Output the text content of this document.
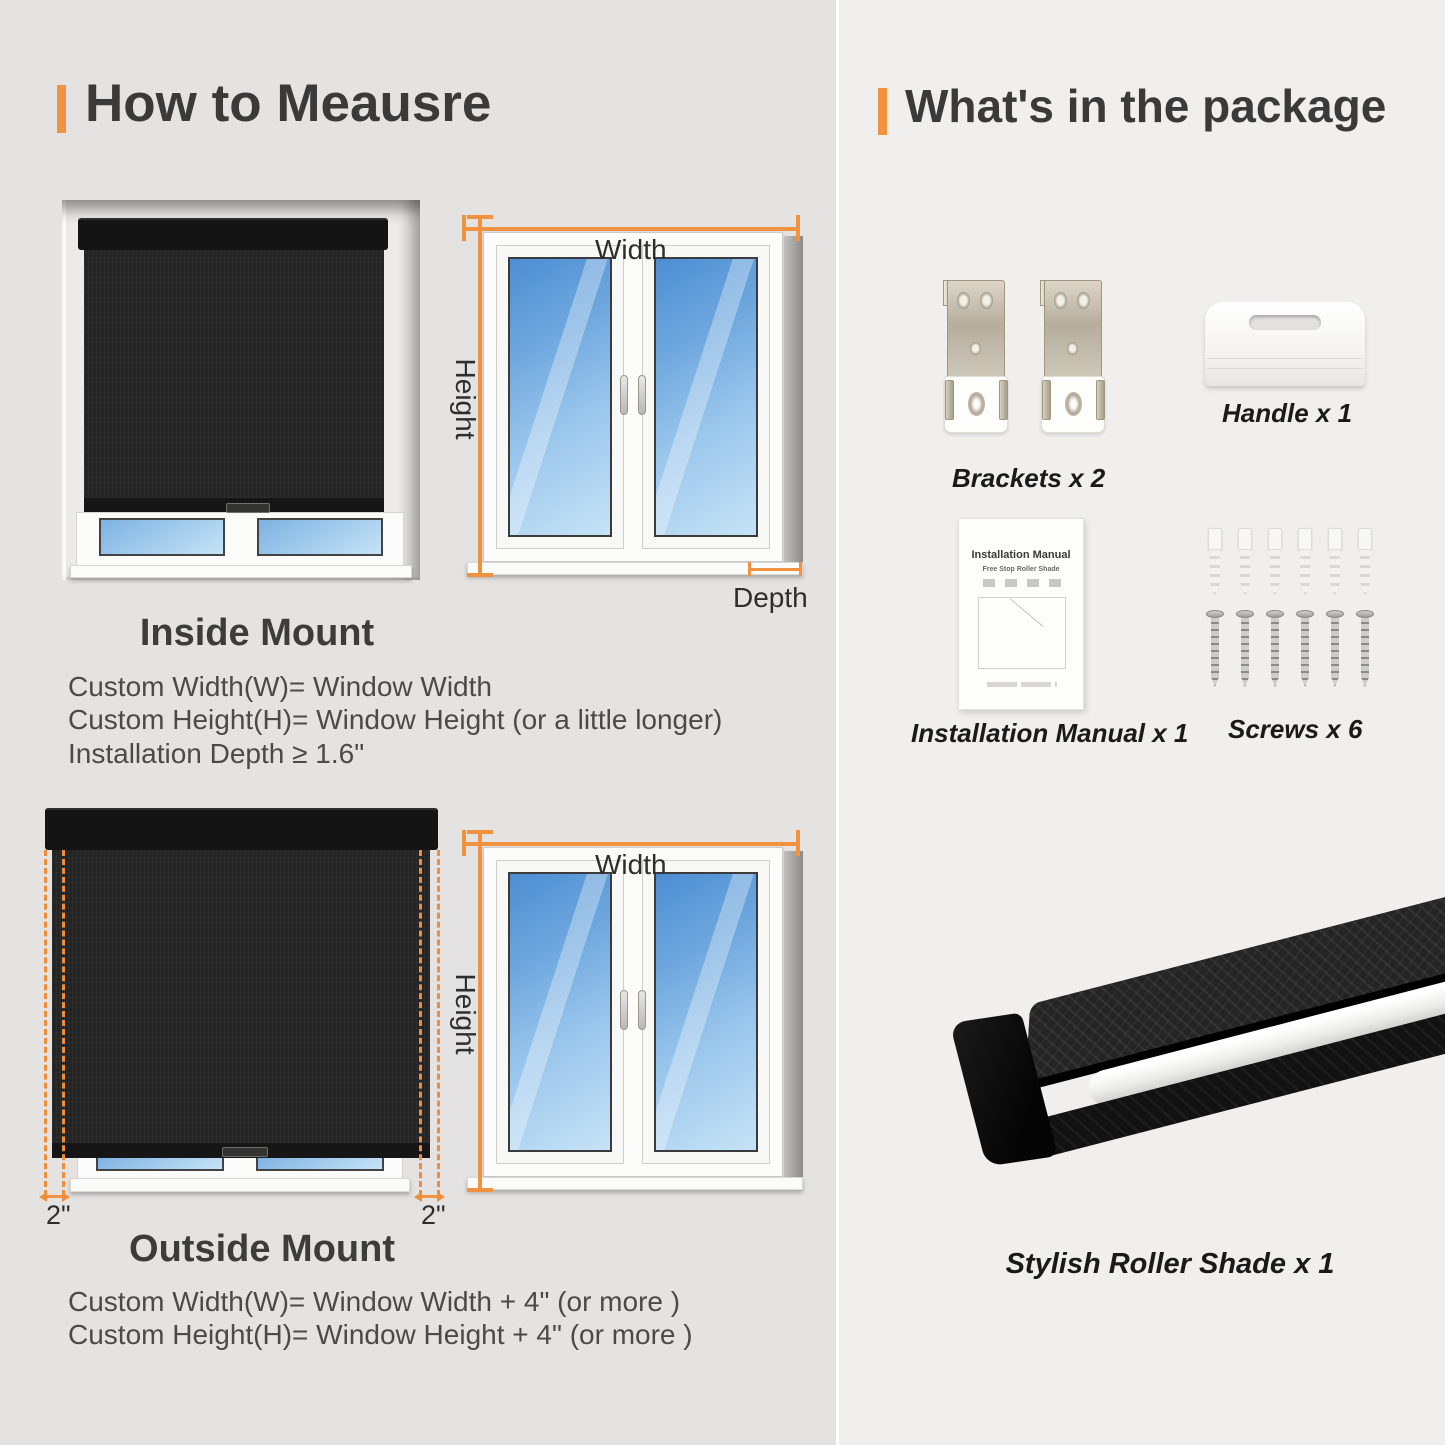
How to Meausre
Width
Height
Depth
Inside Mount
Custom Width(W)= Window Width
Custom Height(H)= Window Height (or a little longer)
Installation Depth ≥ 1.6"
2"	2"
Width
Height
Outside Mount
Custom Width(W)= Window Width + 4" (or more )
Custom Height(H)= Window Height + 4" (or more )
What's in the package
Brackets x 2
Handle x 1
Installation Manual
Free Stop Roller Shade
Installation Manual x 1 Screws x 6
Stylish Roller Shade x 1
